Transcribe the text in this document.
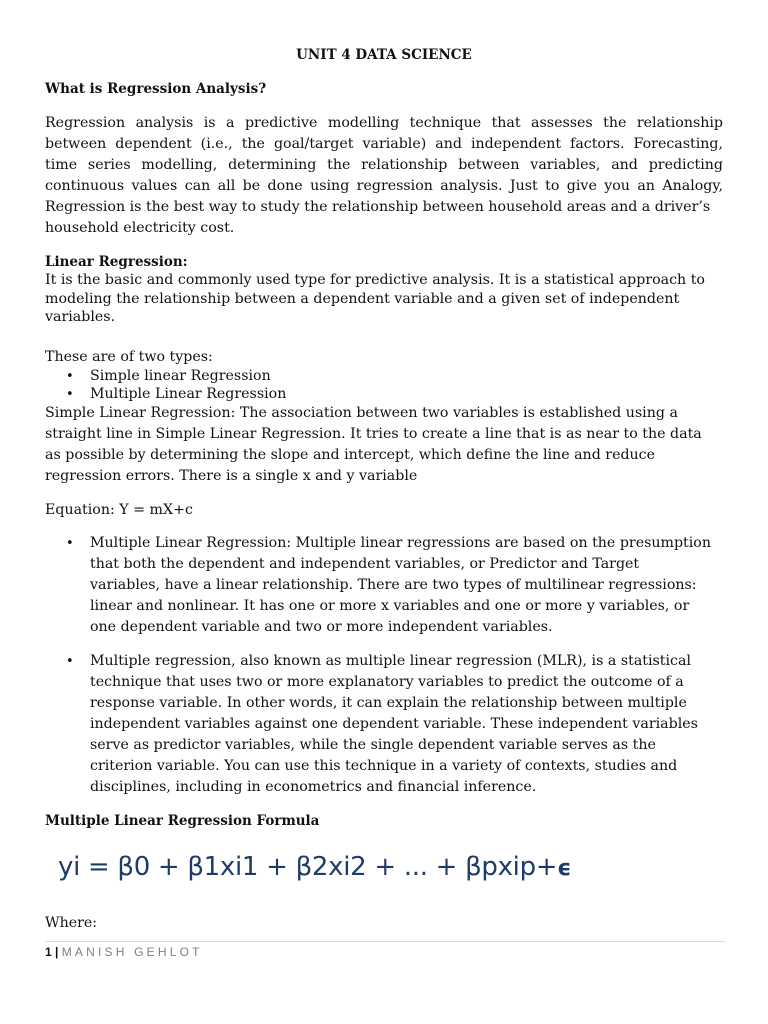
UNIT 4 DATA SCIENCE
What is Regression Analysis?
Regression analysis is a predictive modelling technique that assesses the relationship
between dependent (i.e., the goal/target variable) and independent factors. Forecasting,
time series modelling, determining the relationship between variables, and predicting
continuous values can all be done using regression analysis. Just to give you an Analogy,
Regression is the best way to study the relationship between household areas and a driver’s
household electricity cost.
Linear Regression:
It is the basic and commonly used type for predictive analysis. It is a statistical approach to
modeling the relationship between a dependent variable and a given set of independent
variables.
These are of two types:
• Simple linear Regression
• Multiple Linear Regression
Simple Linear Regression: The association between two variables is established using a
straight line in Simple Linear Regression. It tries to create a line that is as near to the data
as possible by determining the slope and intercept, which define the line and reduce
regression errors. There is a single x and y variable
Equation: Y = mX+c
• Multiple Linear Regression: Multiple linear regressions are based on the presumption
that both the dependent and independent variables, or Predictor and Target
variables, have a linear relationship. There are two types of multilinear regressions:
linear and nonlinear. It has one or more x variables and one or more y variables, or
one dependent variable and two or more independent variables.
• Multiple regression, also known as multiple linear regression (MLR), is a statistical
technique that uses two or more explanatory variables to predict the outcome of a
response variable. In other words, it can explain the relationship between multiple
independent variables against one dependent variable. These independent variables
serve as predictor variables, while the single dependent variable serves as the
criterion variable. You can use this technique in a variety of contexts, studies and
disciplines, including in econometrics and financial inference.
Multiple Linear Regression Formula
yi = β0 + β1xi1 + β2xi2 + ... + βpxip+ϵ
Where:
1 | MANISH GEHLOT
